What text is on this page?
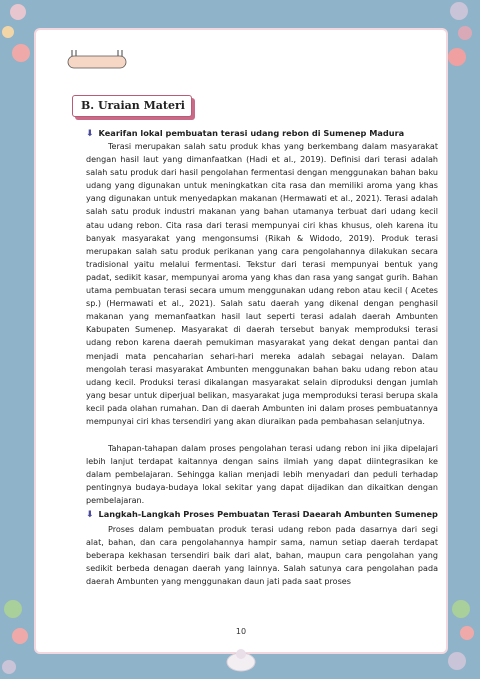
B. Uraian Materi
⬇ Kearifan lokal pembuatan terasi udang rebon di Sumenep Madura

Terasi merupakan salah satu produk khas yang berkembang dalam masyarakat dengan hasil laut yang dimanfaatkan (Hadi et al., 2019). Definisi dari terasi adalah salah satu produk dari hasil pengolahan fermentasi dengan menggunakan bahan baku udang yang digunakan untuk meningkatkan cita rasa dan memiliki aroma yang khas yang digunakan untuk menyedapkan makanan (Hermawati et al., 2021). Terasi adalah salah satu produk industri makanan yang bahan utamanya terbuat dari udang kecil atau udang rebon. Cita rasa dari terasi mempunyai ciri khas khusus, oleh karena itu banyak masyarakat yang mengonsumsi (Rikah & Widodo, 2019). Produk terasi merupakan salah satu produk perikanan yang cara pengolahannya dilakukan secara tradisional yaitu melalui fermentasi. Tekstur dari terasi mempunyai bentuk yang padat, sedikit kasar, mempunyai aroma yang khas dan rasa yang sangat gurih. Bahan utama pembuatan terasi secara umum menggunakan udang rebon atau kecil ( Acetes sp.) (Hermawati et al., 2021). Salah satu daerah yang dikenal dengan penghasil makanan yang memanfaatkan hasil laut seperti terasi adalah daerah Ambunten Kabupaten Sumenep. Masyarakat di daerah tersebut banyak memproduksi terasi udang rebon karena daerah pemukiman masyarakat yang dekat dengan pantai dan menjadi mata pencaharian sehari-hari mereka adalah sebagai nelayan. Dalam mengolah terasi masyarakat Ambunten menggunakan bahan baku udang rebon atau udang kecil. Produksi terasi dikalangan masyarakat selain diproduksi dengan jumlah yang besar untuk diperjual belikan, masyarakat juga memproduksi terasi berupa skala kecil pada olahan rumahan. Dan di daerah Ambunten ini dalam proses pembuatannya mempunyai ciri khas tersendiri yang akan diuraikan pada pembahasan selanjutnya.

Tahapan-tahapan dalam proses pengolahan terasi udang rebon ini jika dipelajari lebih lanjut terdapat kaitannya dengan sains ilmiah yang dapat diintegrasikan ke dalam pembelajaran. Sehingga kalian menjadi lebih menyadari dan peduli terhadap pentingnya budaya-budaya lokal sekitar yang dapat dijadikan dan dikaitkan dengan pembelajaran.

⬇ Langkah-Langkah Proses Pembuatan Terasi Daearah Ambunten Sumenep

Proses dalam pembuatan produk terasi udang rebon pada dasarnya dari segi alat, bahan, dan cara pengolahannya hampir sama, namun setiap daerah terdapat beberapa kekhasan tersendiri baik dari alat, bahan, maupun cara pengolahan yang sedikit berbeda denagan daerah yang lainnya. Salah satunya cara pengolahan pada daerah Ambunten yang menggunakan daun jati pada saat proses

10
